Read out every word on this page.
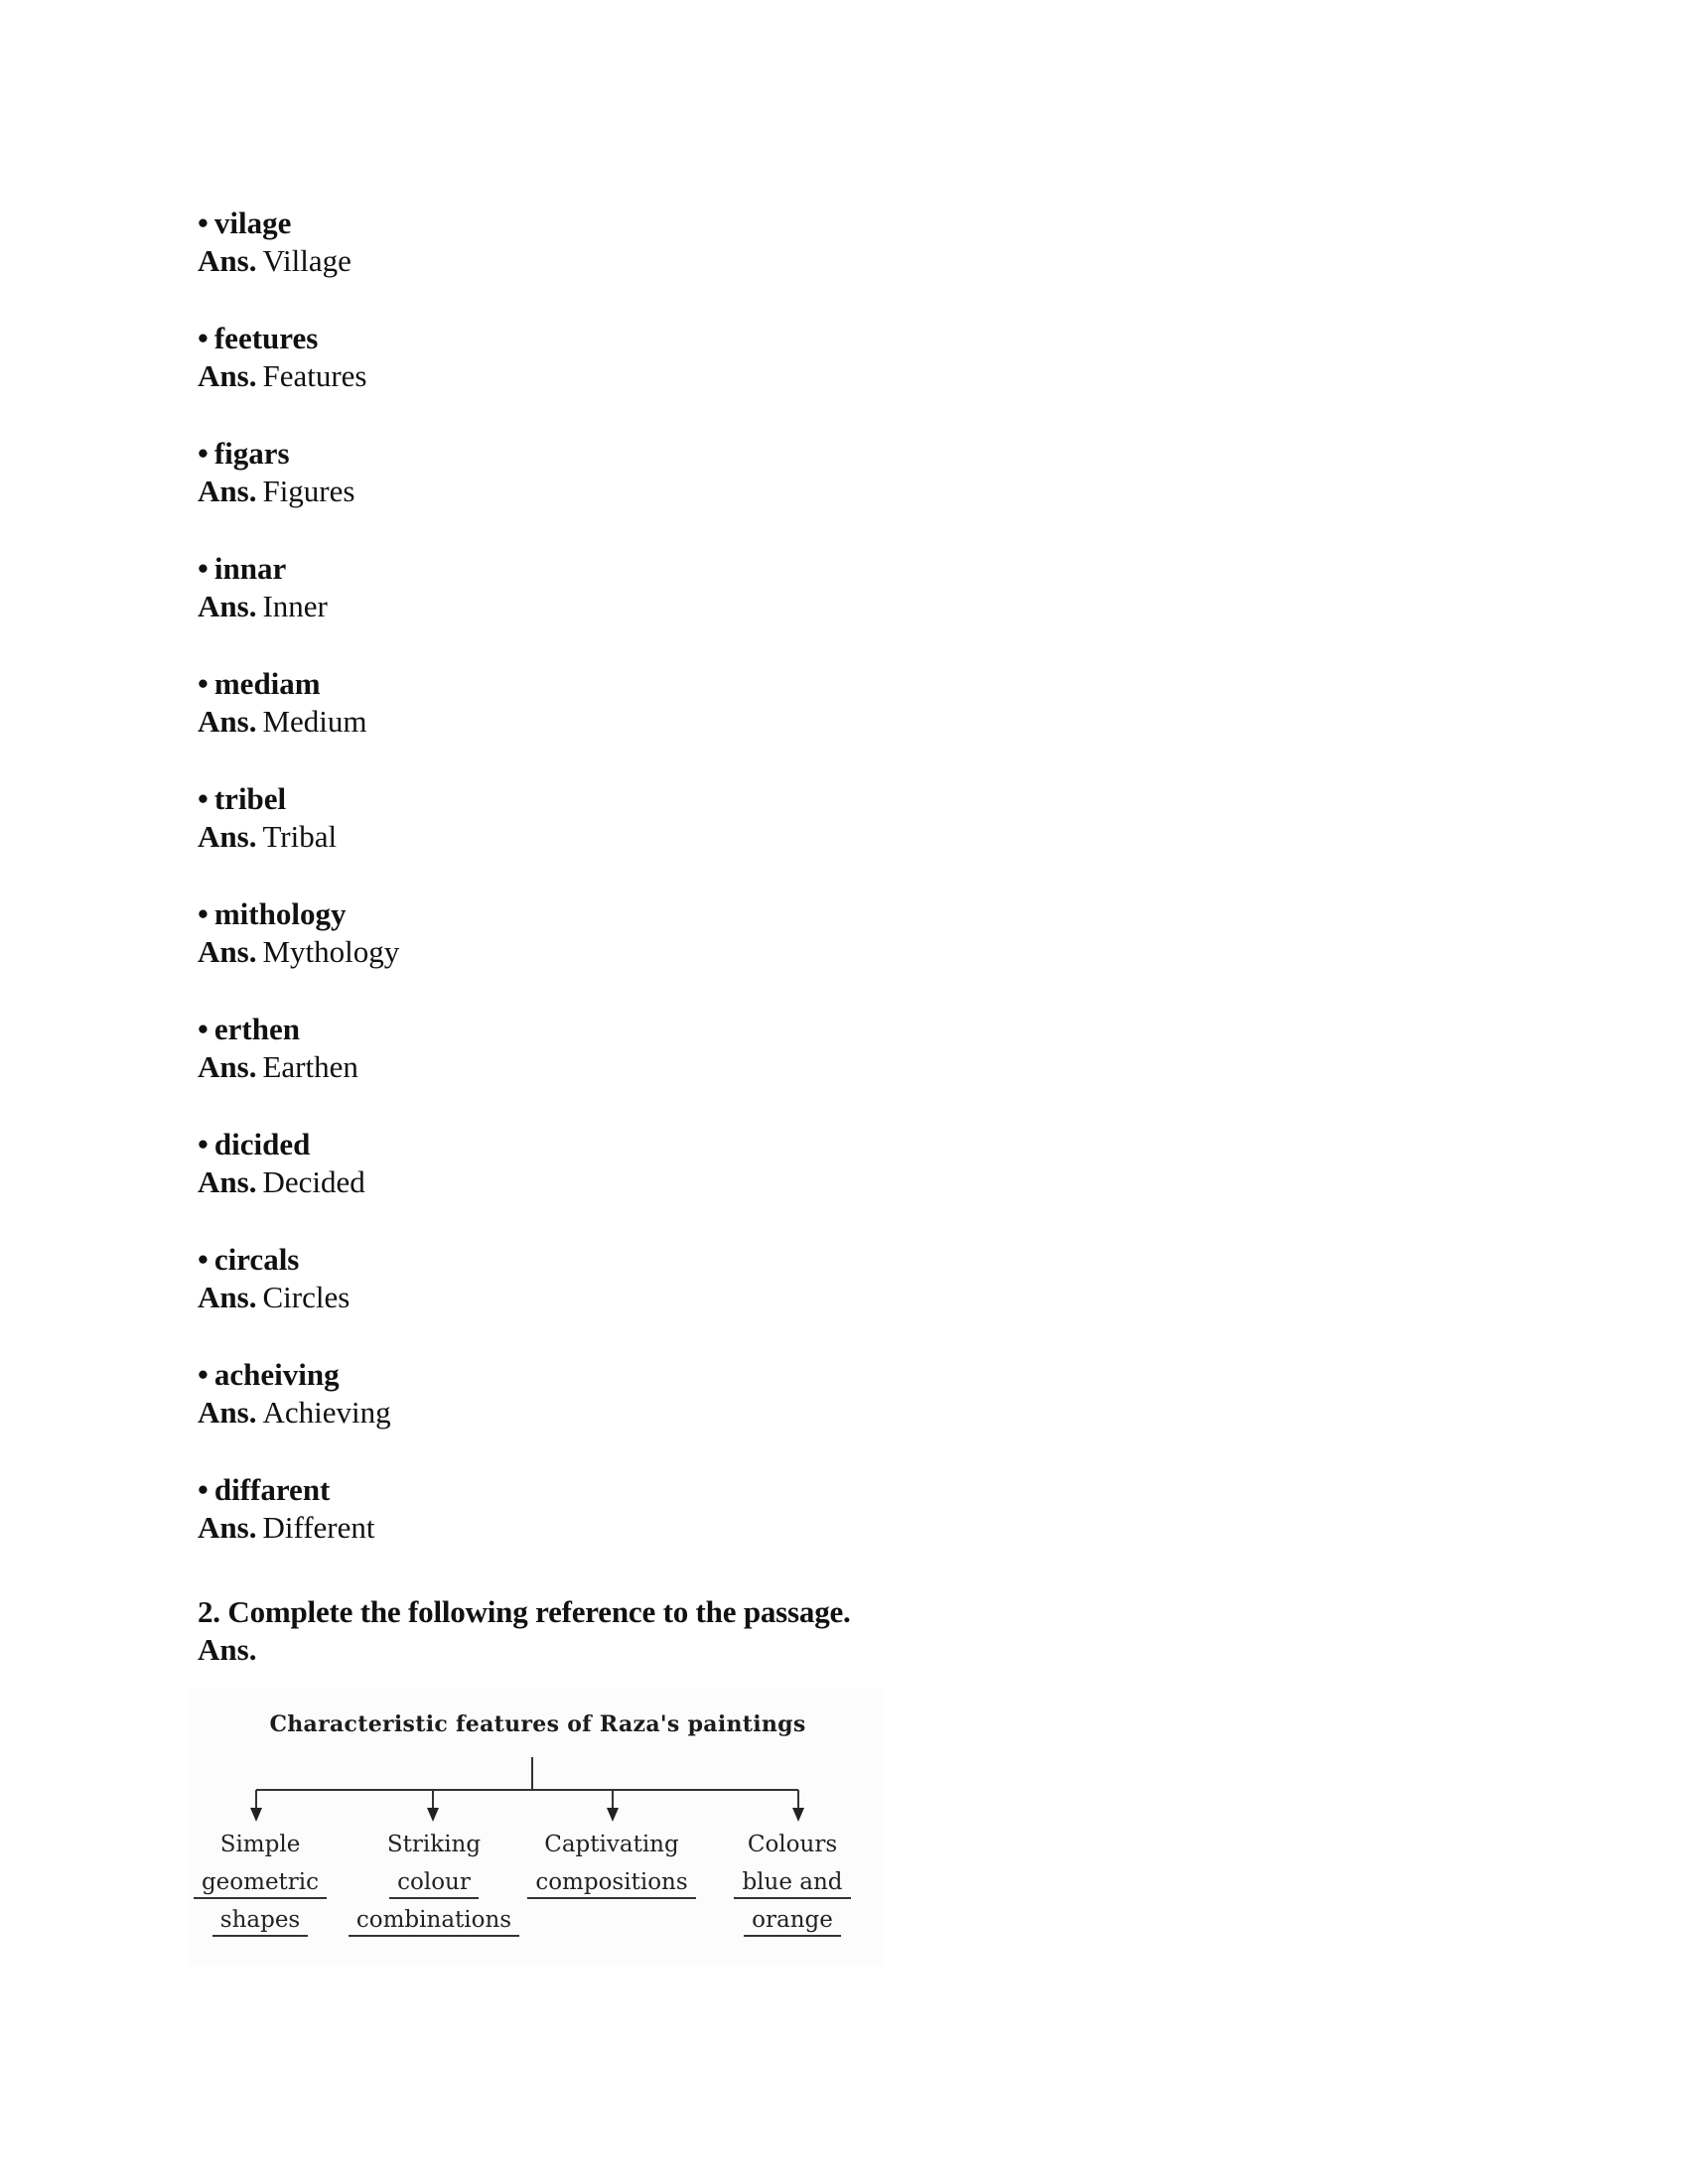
• vilage
Ans. Village
• feetures
Ans. Features
• figars
Ans. Figures
• innar
Ans. Inner
• mediam
Ans. Medium
• tribel
Ans. Tribal
• mithology
Ans. Mythology
• erthen
Ans. Earthen
• dicided
Ans. Decided
• circals
Ans. Circles
• acheiving
Ans. Achieving
• diffarent
Ans. Different
2. Complete the following reference to the passage.
Ans.
Characteristic features of Raza's paintings
Simple
geometric
shapes
Striking
colour
combinations
Captivating
compositions
Colours
blue and
orange
